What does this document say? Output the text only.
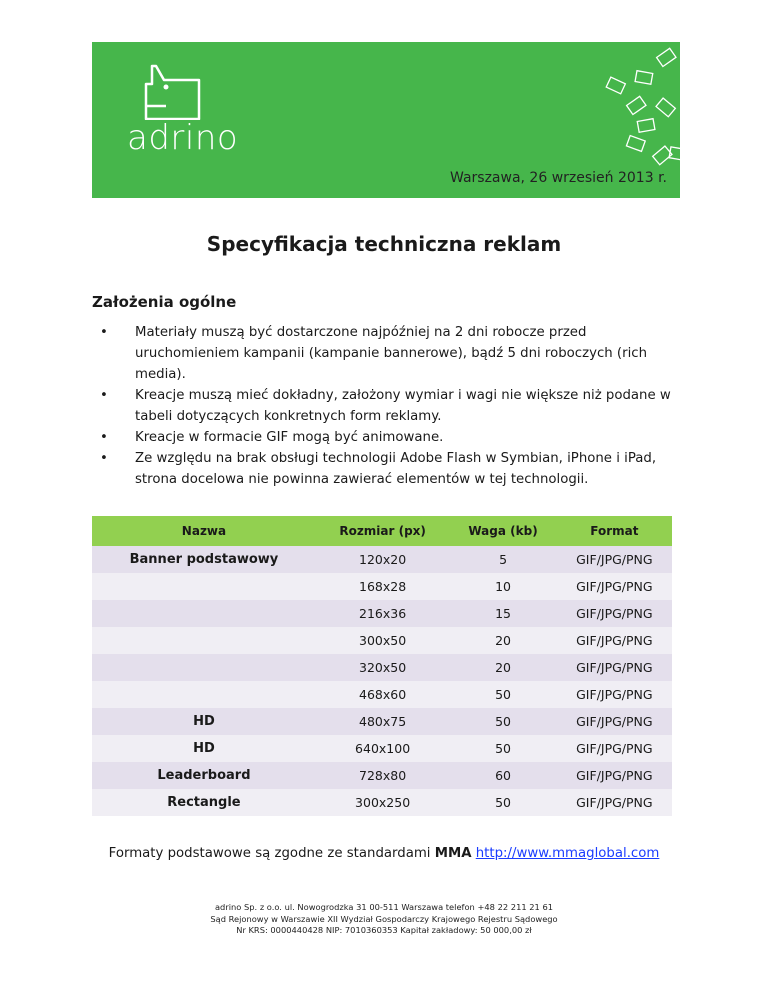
adrino
Warszawa, 26 wrzesień 2013 r.
Specyfikacja techniczna reklam
Założenia ogólne
• Materiały muszą być dostarczone najpóźniej na 2 dni robocze przed uruchomieniem kampanii (kampanie bannerowe), bądź 5 dni roboczych (rich media).
• Kreacje muszą mieć dokładny, założony wymiar i wagi nie większe niż podane w tabeli dotyczących konkretnych form reklamy.
• Kreacje w formacie GIF mogą być animowane.
• Ze względu na brak obsługi technologii Adobe Flash w Symbian, iPhone i iPad, strona docelowa nie powinna zawierać elementów w tej technologii.
Nazwa	Rozmiar (px)	Waga (kb)	Format
Banner podstawowy	120x20	5	GIF/JPG/PNG
	168x28	10	GIF/JPG/PNG
	216x36	15	GIF/JPG/PNG
	300x50	20	GIF/JPG/PNG
	320x50	20	GIF/JPG/PNG
	468x60	50	GIF/JPG/PNG
HD	480x75	50	GIF/JPG/PNG
HD	640x100	50	GIF/JPG/PNG
Leaderboard	728x80	60	GIF/JPG/PNG
Rectangle	300x250	50	GIF/JPG/PNG
Formaty podstawowe są zgodne ze standardami MMA http://www.mmaglobal.com
adrino Sp. z o.o. ul. Nowogrodzka 31 00-511 Warszawa telefon +48 22 211 21 61
Sąd Rejonowy w Warszawie XII Wydział Gospodarczy Krajowego Rejestru Sądowego
Nr KRS: 0000440428 NIP: 7010360353 Kapitał zakładowy: 50 000,00 zł
